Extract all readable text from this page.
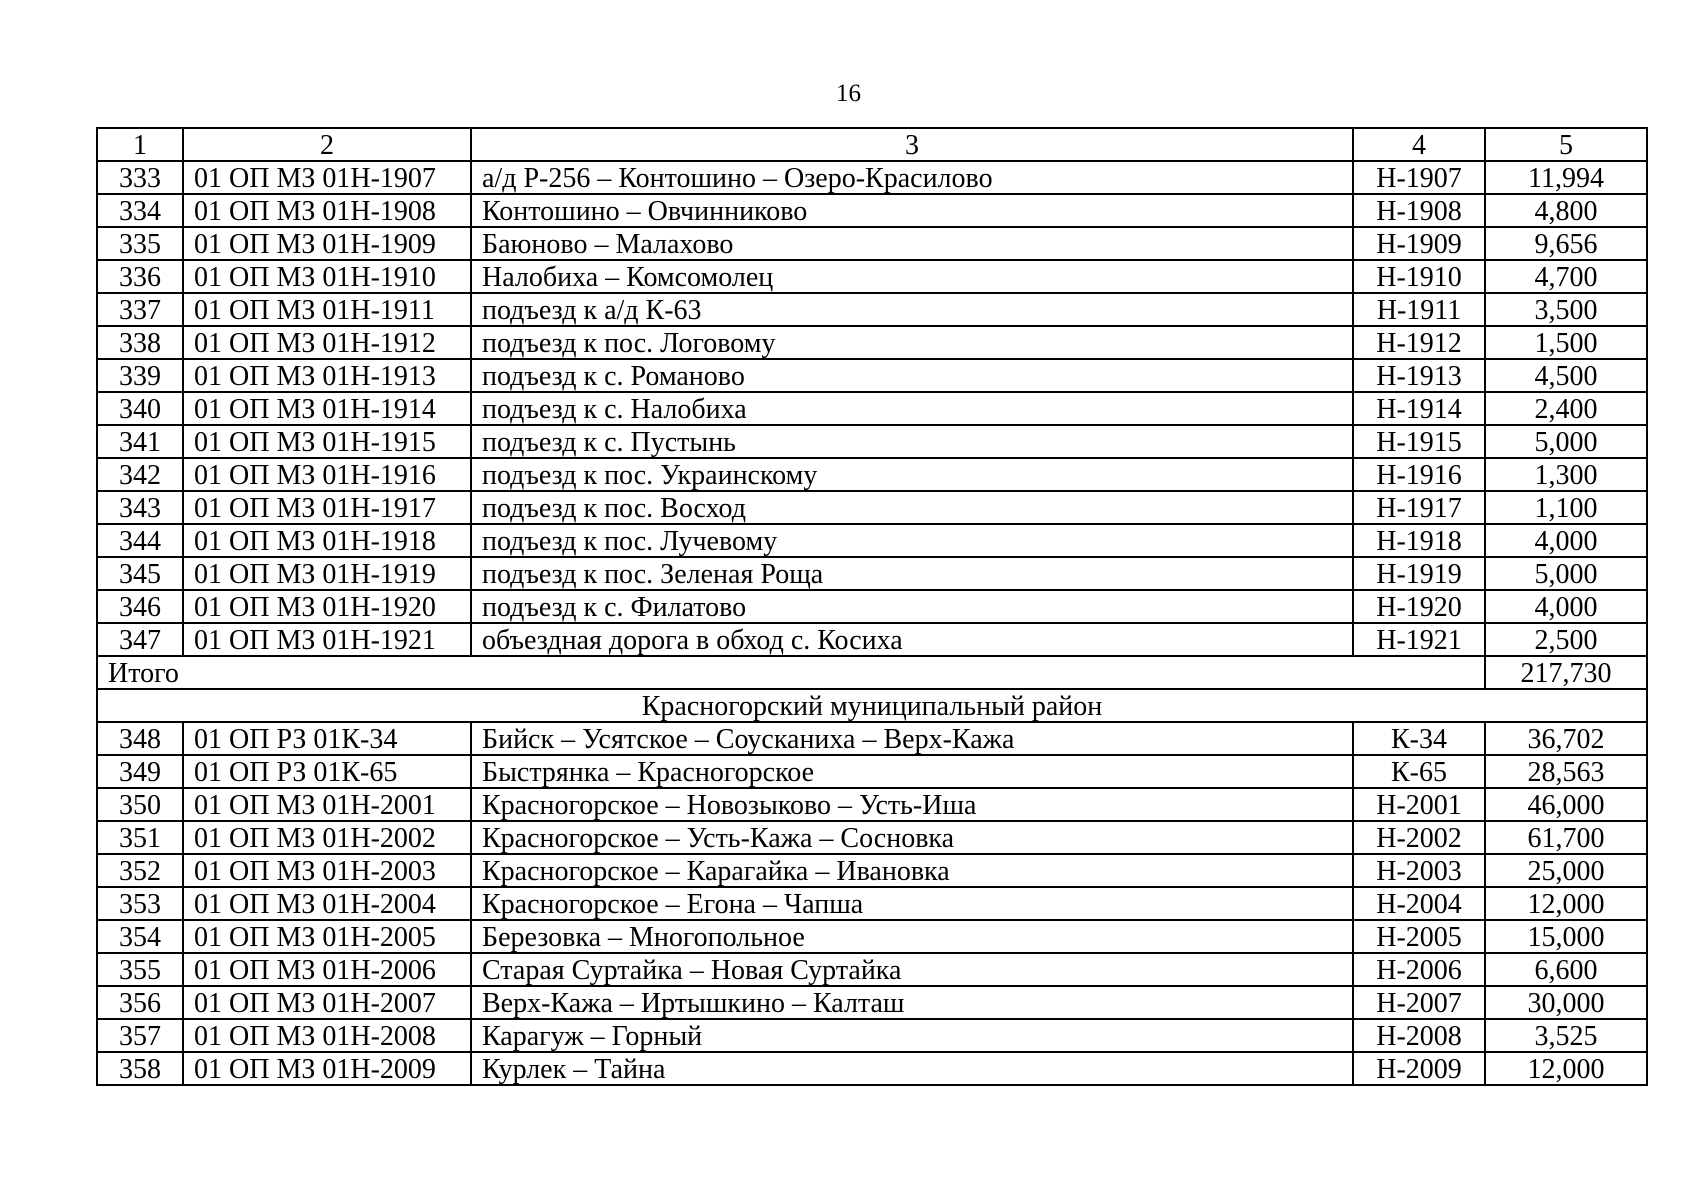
16
1	2	3	4	5
333	01 ОП МЗ 01Н-1907	а/д Р-256 – Контошино – Озеро-Красилово	Н-1907	11,994
334	01 ОП МЗ 01Н-1908	Контошино – Овчинниково	Н-1908	4,800
335	01 ОП МЗ 01Н-1909	Баюново – Малахово	Н-1909	9,656
336	01 ОП МЗ 01Н-1910	Налобиха – Комсомолец	Н-1910	4,700
337	01 ОП МЗ 01Н-1911	подъезд к а/д К-63	Н-1911	3,500
338	01 ОП МЗ 01Н-1912	подъезд к пос. Логовому	Н-1912	1,500
339	01 ОП МЗ 01Н-1913	подъезд к с. Романово	Н-1913	4,500
340	01 ОП МЗ 01Н-1914	подъезд к с. Налобиха	Н-1914	2,400
341	01 ОП МЗ 01Н-1915	подъезд к с. Пустынь	Н-1915	5,000
342	01 ОП МЗ 01Н-1916	подъезд к пос. Украинскому	Н-1916	1,300
343	01 ОП МЗ 01Н-1917	подъезд к пос. Восход	Н-1917	1,100
344	01 ОП МЗ 01Н-1918	подъезд к пос. Лучевому	Н-1918	4,000
345	01 ОП МЗ 01Н-1919	подъезд к пос. Зеленая Роща	Н-1919	5,000
346	01 ОП МЗ 01Н-1920	подъезд к с. Филатово	Н-1920	4,000
347	01 ОП МЗ 01Н-1921	объездная дорога в обход с. Косиха	Н-1921	2,500
Итого				217,730
Красногорский муниципальный район				
348	01 ОП РЗ 01К-34	Бийск – Усятское – Соусканиха – Верх-Кажа	К-34	36,702
349	01 ОП РЗ 01К-65	Быстрянка – Красногорское	К-65	28,563
350	01 ОП МЗ 01Н-2001	Красногорское – Новозыково – Усть-Иша	Н-2001	46,000
351	01 ОП МЗ 01Н-2002	Красногорское – Усть-Кажа – Сосновка	Н-2002	61,700
352	01 ОП МЗ 01Н-2003	Красногорское – Карагайка – Ивановка	Н-2003	25,000
353	01 ОП МЗ 01Н-2004	Красногорское – Егона – Чапша	Н-2004	12,000
354	01 ОП МЗ 01Н-2005	Березовка – Многопольное	Н-2005	15,000
355	01 ОП МЗ 01Н-2006	Старая Суртайка – Новая Суртайка	Н-2006	6,600
356	01 ОП МЗ 01Н-2007	Верх-Кажа – Иртышкино – Калташ	Н-2007	30,000
357	01 ОП МЗ 01Н-2008	Карагуж – Горный	Н-2008	3,525
358	01 ОП МЗ 01Н-2009	Курлек – Тайна	Н-2009	12,000
